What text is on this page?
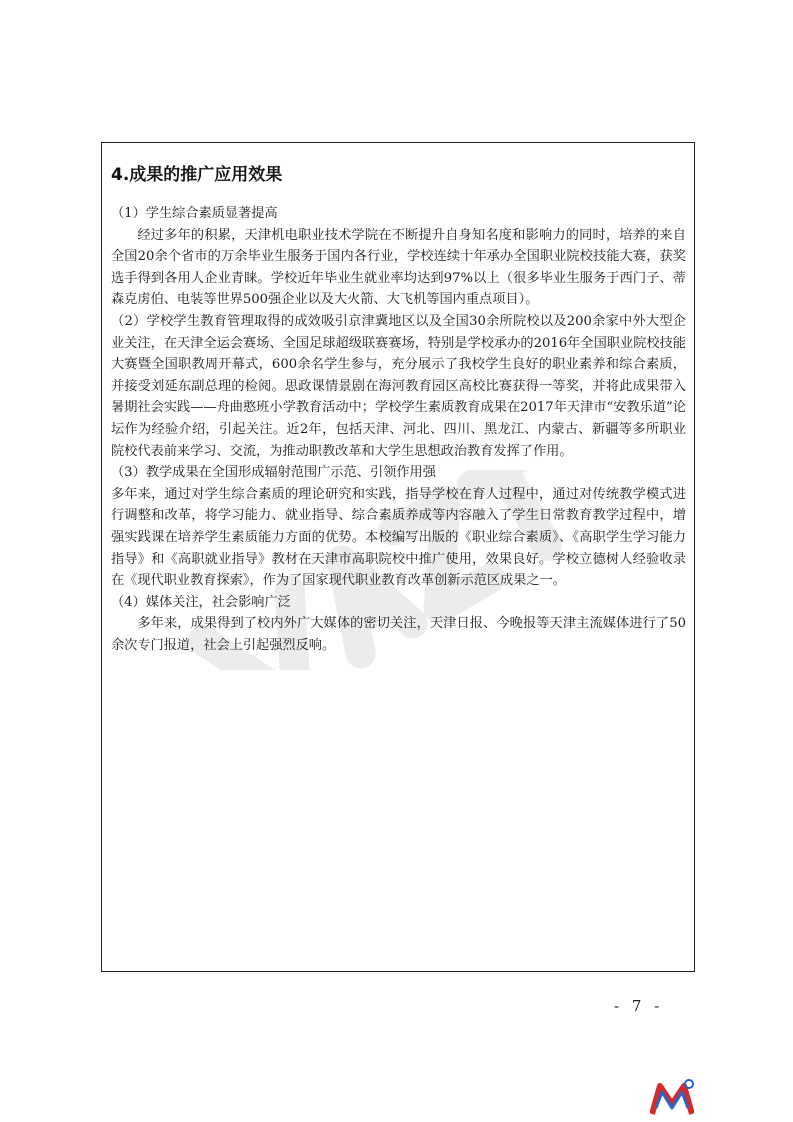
4.成果的推广应用效果

（1）学生综合素质显著提高

经过多年的积累，天津机电职业技术学院在不断提升自身知名度和影响力的同时，培养的来自全国20余个省市的万余毕业生服务于国内各行业，学校连续十年承办全国职业院校技能大赛，获奖选手得到各用人企业青睐。学校近年毕业生就业率均达到97%以上（很多毕业生服务于西门子、蒂森克虏伯、电装等世界500强企业以及大火箭、大飞机等国内重点项目）。

（2）学校学生教育管理取得的成效吸引京津冀地区以及全国30余所院校以及200余家中外大型企业关注，在天津全运会赛场、全国足球超级联赛赛场，特别是学校承办的2016年全国职业院校技能大赛暨全国职教周开幕式，600余名学生参与，充分展示了我校学生良好的职业素养和综合素质，并接受刘延东副总理的检阅。思政课情景剧在海河教育园区高校比赛获得一等奖，并将此成果带入暑期社会实践——舟曲憨班小学教育活动中；学校学生素质教育成果在2017年天津市“安教乐道”论坛作为经验介绍，引起关注。近2年，包括天津、河北、四川、黑龙江、内蒙古、新疆等多所职业院校代表前来学习、交流，为推动职教改革和大学生思想政治教育发挥了作用。

（3）教学成果在全国形成辐射范围广示范、引领作用强

多年来，通过对学生综合素质的理论研究和实践，指导学校在育人过程中，通过对传统教学模式进行调整和改革，将学习能力、就业指导、综合素质养成等内容融入了学生日常教育教学过程中，增强实践课在培养学生素质能力方面的优势。本校编写出版的《职业综合素质》、《高职学生学习能力指导》和《高职就业指导》教材在天津市高职院校中推广使用，效果良好。学校立德树人经验收录在《现代职业教育探索》，作为了国家现代职业教育改革创新示范区成果之一。

（4）媒体关注，社会影响广泛

多年来，成果得到了校内外广大媒体的密切关注，天津日报、今晚报等天津主流媒体进行了50余次专门报道，社会上引起强烈反响。

- 7 -
